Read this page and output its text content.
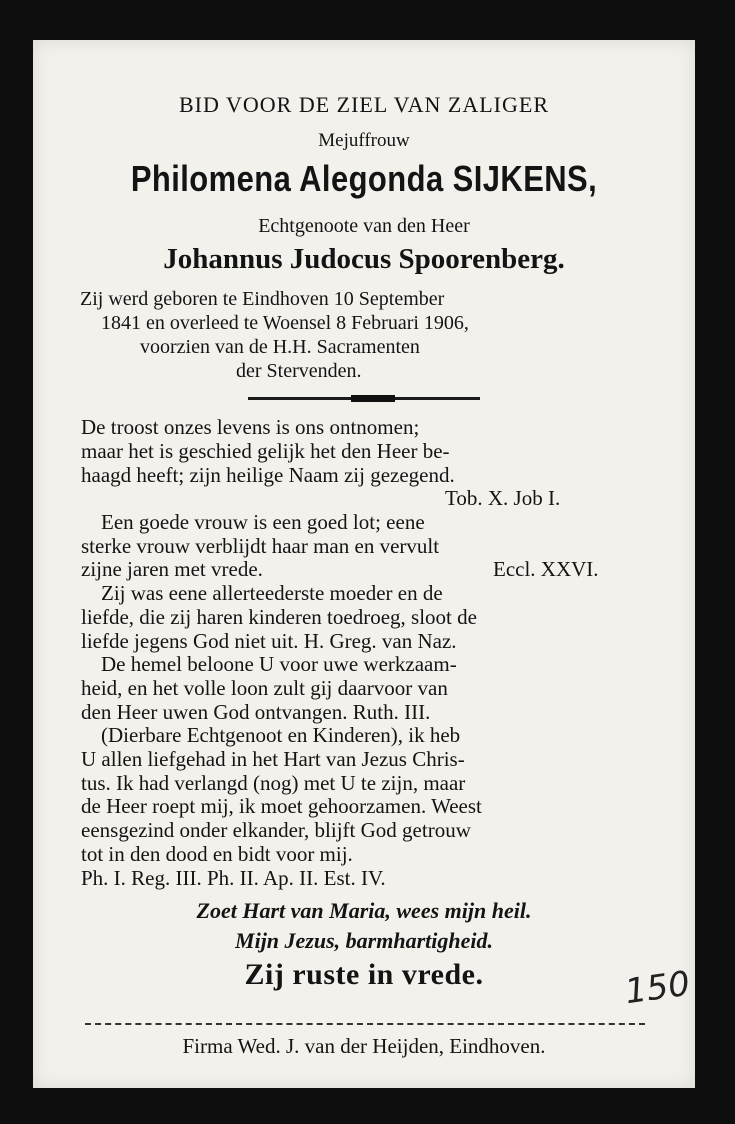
BID VOOR DE ZIEL VAN ZALIGER
Mejuffrouw
Philomena Alegonda SIJKENS,
Echtgenoote van den Heer
Johannus Judocus Spoorenberg.
Zij werd geboren te Eindhoven 10 September
1841 en overleed te Woensel 8 Februari 1906,
voorzien van de H.H. Sacramenten
der Stervenden.
De troost onzes levens is ons ontnomen;
maar het is geschied gelijk het den Heer be-
haagd heeft; zijn heilige Naam zij gezegend.
Tob. X. Job I.
Een goede vrouw is een goed lot; eene
sterke vrouw verblijdt haar man en vervult
zijne jaren met vrede.	Eccl. XXVI.
Zij was eene allerteederste moeder en de
liefde, die zij haren kinderen toedroeg, sloot de
liefde jegens God niet uit. H. Greg. van Naz.
De hemel beloone U voor uwe werkzaam-
heid, en het volle loon zult gij daarvoor van
den Heer uwen God ontvangen. Ruth. III.
(Dierbare Echtgenoot en Kinderen), ik heb
U allen liefgehad in het Hart van Jezus Chris-
tus. Ik had verlangd (nog) met U te zijn, maar
de Heer roept mij, ik moet gehoorzamen. Weest
eensgezind onder elkander, blijft God getrouw
tot in den dood en bidt voor mij.
Ph. I. Reg. III. Ph. II. Ap. II. Est. IV.
Zoet Hart van Maria, wees mijn heil.
Mijn Jezus, barmhartigheid.
Zij ruste in vrede.	150
Firma Wed. J. van der Heijden, Eindhoven.
